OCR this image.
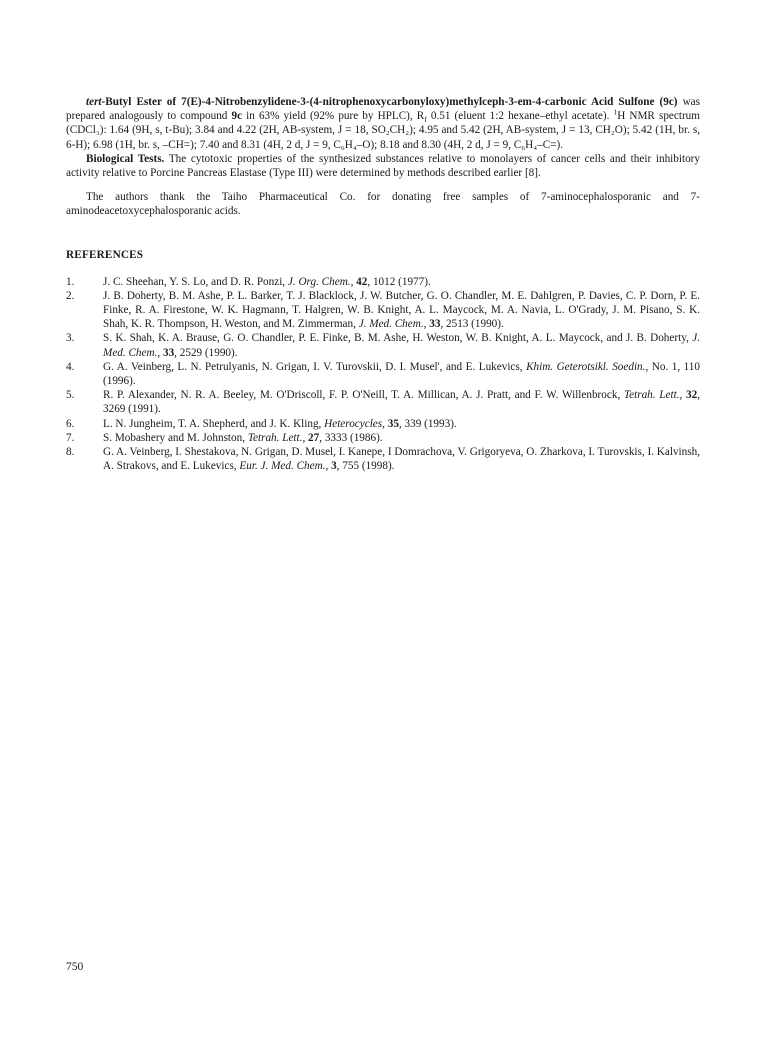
tert-Butyl Ester of 7(E)-4-Nitrobenzylidene-3-(4-nitrophenoxycarbonyloxy)methylceph-3-em-4-carbonic Acid Sulfone (9c) was prepared analogously to compound 9c in 63% yield (92% pure by HPLC), $R_f$ 0.51 (eluent 1:2 hexane–ethyl acetate). $^1$H NMR spectrum (CDCl₃): 1.64 (9H, s, t-Bu); 3.84 and 4.22 (2H, AB-system, J = 18, SO₂CH₂); 4.95 and 5.42 (2H, AB-system, J = 13, CH₂O); 5.42 (1H, br. s, 6-H); 6.98 (1H, br. s, –CH=); 7.40 and 8.31 (4H, 2 d, J = 9, C₆H₄–O); 8.18 and 8.30 (4H, 2 d, J = 9, C₆H₄–C=).

Biological Tests. The cytotoxic properties of the synthesized substances relative to monolayers of cancer cells and their inhibitory activity relative to Porcine Pancreas Elastase (Type III) were determined by methods described earlier [8].

The authors thank the Taiho Pharmaceutical Co. for donating free samples of 7-aminocephalosporanic and 7-aminodeacetoxycephalosporanic acids.

REFERENCES
1.	J. C. Sheehan, Y. S. Lo, and D. R. Ponzi, J. Org. Chem., 42, 1012 (1977).
2.	J. B. Doherty, B. M. Ashe, P. L. Barker, T. J. Blacklock, J. W. Butcher, G. O. Chandler, M. E. Dahlgren, P. Davies, C. P. Dorn, P. E. Finke, R. A. Firestone, W. K. Hagmann, T. Halgren, W. B. Knight, A. L. Maycock, M. A. Navia, L. O'Grady, J. M. Pisano, S. K. Shah, K. R. Thompson, H. Weston, and M. Zimmerman, J. Med. Chem., 33, 2513 (1990).
3.	S. K. Shah, K. A. Brause, G. O. Chandler, P. E. Finke, B. M. Ashe, H. Weston, W. B. Knight, A. L. Maycock, and J. B. Doherty, J. Med. Chem., 33, 2529 (1990).
4.	G. A. Veinberg, L. N. Petrulyanis, N. Grigan, I. V. Turovskii, D. I. Musel', and E. Lukevics, Khim. Geterotsikl. Soedin., No. 1, 110 (1996).
5.	R. P. Alexander, N. R. A. Beeley, M. O'Driscoll, F. P. O'Neill, T. A. Millican, A. J. Pratt, and F. W. Willenbrock, Tetrah. Lett., 32, 3269 (1991).
6.	L. N. Jungheim, T. A. Shepherd, and J. K. Kling, Heterocycles, 35, 339 (1993).
7.	S. Mobashery and M. Johnston, Tetrah. Lett., 27, 3333 (1986).
8.	G. A. Veinberg, I. Shestakova, N. Grigan, D. Musel, I. Kanepe, I Domrachova, V. Grigoryeva, O. Zharkova, I. Turovskis, I. Kalvinsh, A. Strakovs, and E. Lukevics, Eur. J. Med. Chem., 3, 755 (1998).
750
